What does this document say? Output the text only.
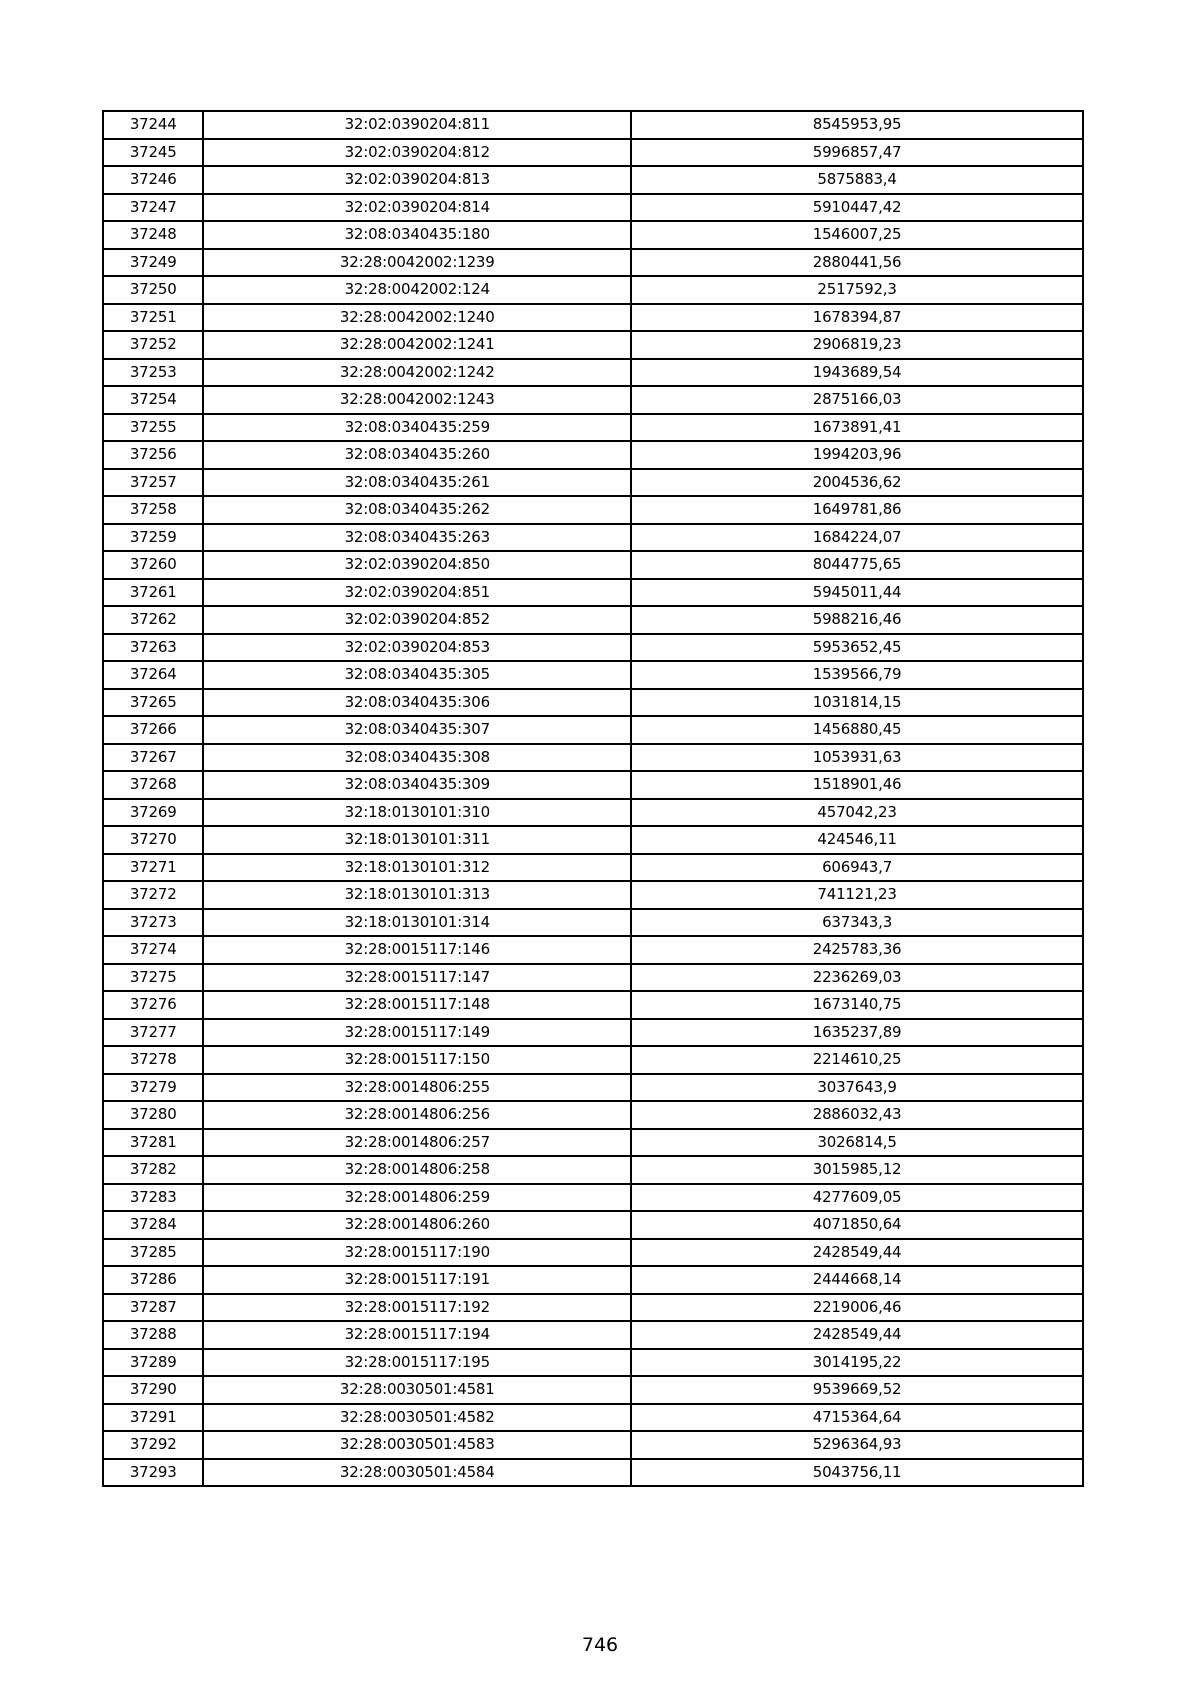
37244	32:02:0390204:811	8545953,95
37245	32:02:0390204:812	5996857,47
37246	32:02:0390204:813	5875883,4
37247	32:02:0390204:814	5910447,42
37248	32:08:0340435:180	1546007,25
37249	32:28:0042002:1239	2880441,56
37250	32:28:0042002:124	2517592,3
37251	32:28:0042002:1240	1678394,87
37252	32:28:0042002:1241	2906819,23
37253	32:28:0042002:1242	1943689,54
37254	32:28:0042002:1243	2875166,03
37255	32:08:0340435:259	1673891,41
37256	32:08:0340435:260	1994203,96
37257	32:08:0340435:261	2004536,62
37258	32:08:0340435:262	1649781,86
37259	32:08:0340435:263	1684224,07
37260	32:02:0390204:850	8044775,65
37261	32:02:0390204:851	5945011,44
37262	32:02:0390204:852	5988216,46
37263	32:02:0390204:853	5953652,45
37264	32:08:0340435:305	1539566,79
37265	32:08:0340435:306	1031814,15
37266	32:08:0340435:307	1456880,45
37267	32:08:0340435:308	1053931,63
37268	32:08:0340435:309	1518901,46
37269	32:18:0130101:310	457042,23
37270	32:18:0130101:311	424546,11
37271	32:18:0130101:312	606943,7
37272	32:18:0130101:313	741121,23
37273	32:18:0130101:314	637343,3
37274	32:28:0015117:146	2425783,36
37275	32:28:0015117:147	2236269,03
37276	32:28:0015117:148	1673140,75
37277	32:28:0015117:149	1635237,89
37278	32:28:0015117:150	2214610,25
37279	32:28:0014806:255	3037643,9
37280	32:28:0014806:256	2886032,43
37281	32:28:0014806:257	3026814,5
37282	32:28:0014806:258	3015985,12
37283	32:28:0014806:259	4277609,05
37284	32:28:0014806:260	4071850,64
37285	32:28:0015117:190	2428549,44
37286	32:28:0015117:191	2444668,14
37287	32:28:0015117:192	2219006,46
37288	32:28:0015117:194	2428549,44
37289	32:28:0015117:195	3014195,22
37290	32:28:0030501:4581	9539669,52
37291	32:28:0030501:4582	4715364,64
37292	32:28:0030501:4583	5296364,93
37293	32:28:0030501:4584	5043756,11
746
